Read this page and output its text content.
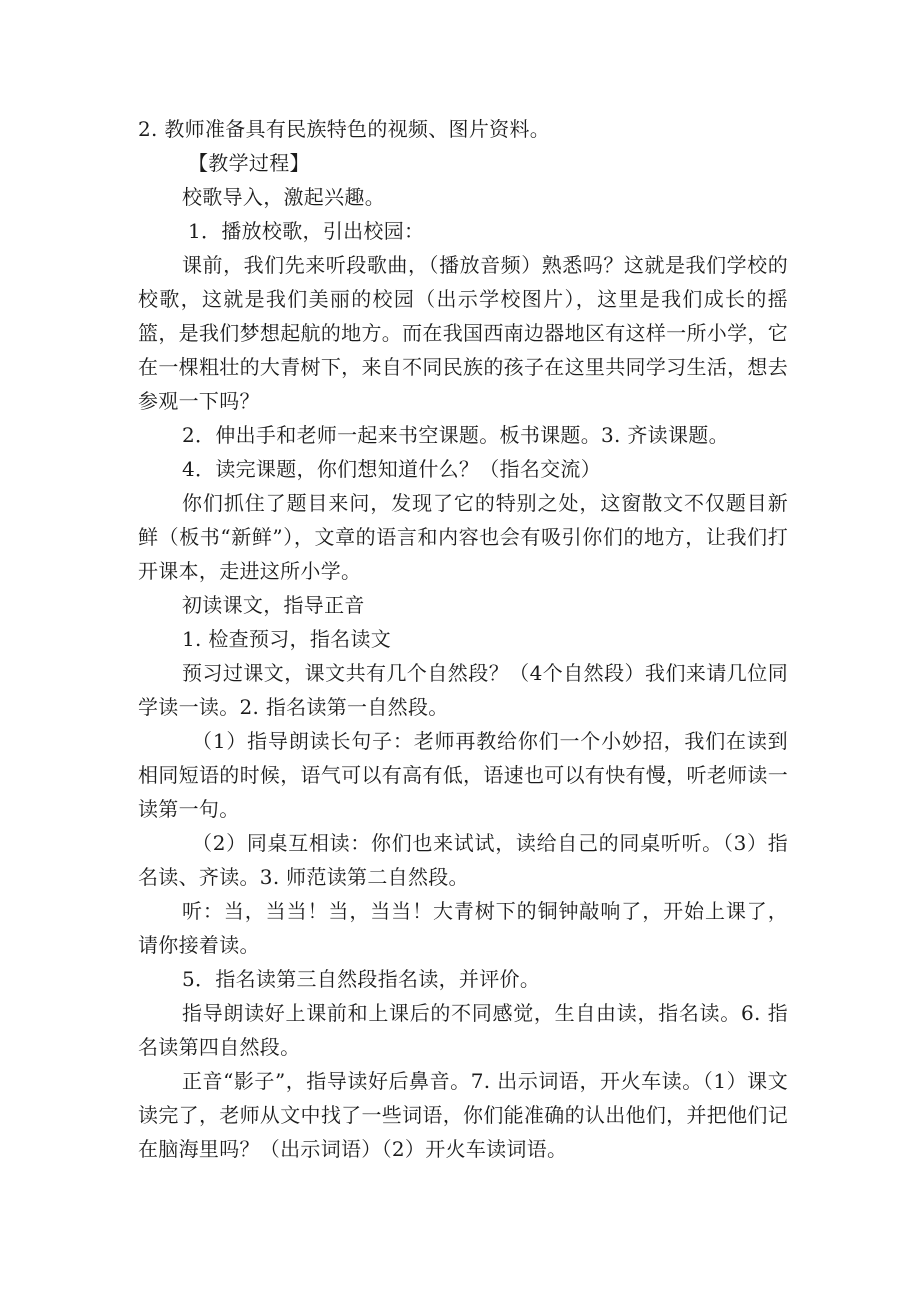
2. 教师准备具有民族特色的视频、图片资料。

【教学过程】

校歌导入，激起兴趣。

1．播放校歌，引出校园：

课前，我们先来听段歌曲，（播放音频）熟悉吗？这就是我们学校的校歌，这就是我们美丽的校园（出示学校图片），这里是我们成长的摇篮，是我们梦想起航的地方。而在我国西南边器地区有这样一所小学，它在一棵粗壮的大青树下，来自不同民族的孩子在这里共同学习生活，想去参观一下吗？

2．伸出手和老师一起来书空课题。板书课题。3. 齐读课题。

4．读完课题，你们想知道什么？（指名交流）

你们抓住了题目来问，发现了它的特别之处，这窗散文不仅题目新鲜（板书“新鲜”），文章的语言和内容也会有吸引你们的地方，让我们打开课本，走进这所小学。

初读课文，指导正音

1. 检查预习，指名读文

预习过课文，课文共有几个自然段？（4个自然段）我们来请几位同学读一读。2. 指名读第一自然段。

（1）指导朗读长句子：老师再教给你们一个小妙招，我们在读到相同短语的时候，语气可以有高有低，语速也可以有快有慢，听老师读一读第一句。

（2）同桌互相读：你们也来试试，读给自己的同桌听听。（3）指名读、齐读。3. 师范读第二自然段。

听：当，当当！当，当当！大青树下的铜钟敲响了，开始上课了，请你接着读。

5．指名读第三自然段指名读，并评价。

指导朗读好上课前和上课后的不同感觉，生自由读，指名读。6. 指名读第四自然段。

正音“影子”，指导读好后鼻音。7. 出示词语，开火车读。（1）课文读完了，老师从文中找了一些词语，你们能准确的认出他们，并把他们记在脑海里吗？（出示词语）（2）开火车读词语。
